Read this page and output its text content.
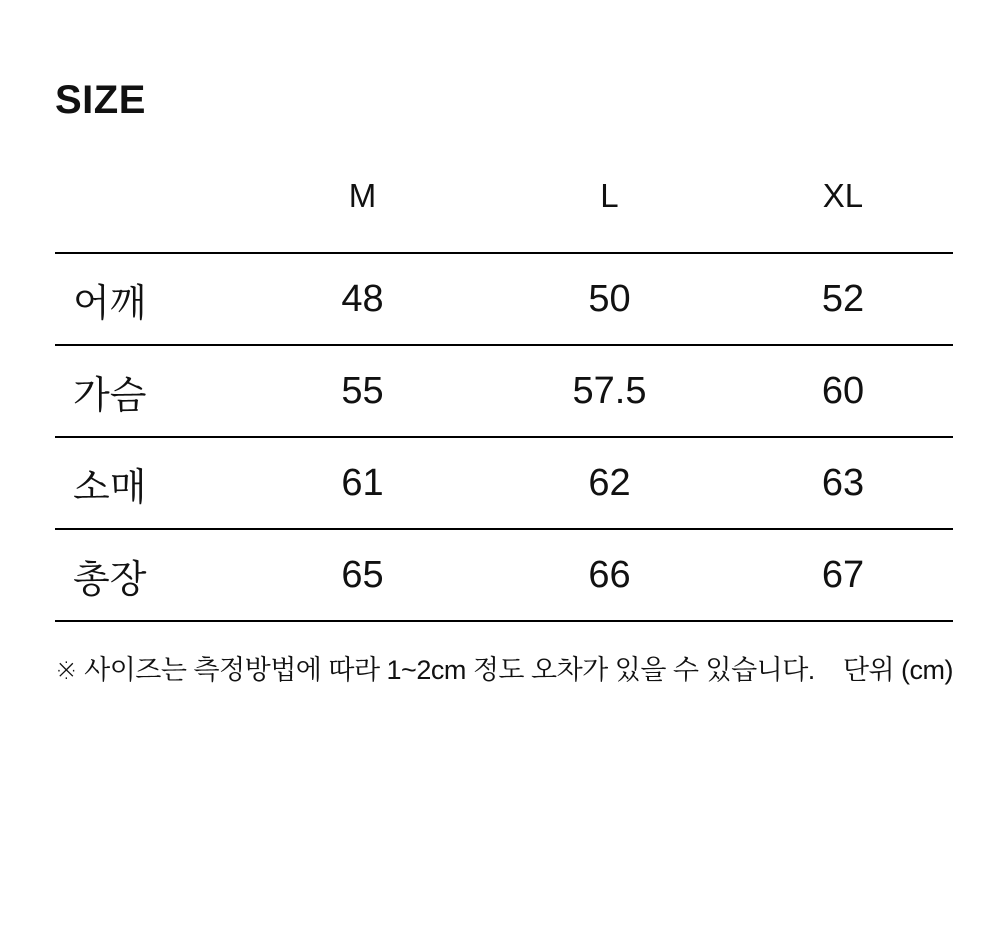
SIZE
	M	L	XL
어깨	48	50	52
가슴	55	57.5	60
소매	61	62	63
총장	65	66	67
※ 사이즈는 측정방법에 따라 1~2cm 정도 오차가 있을 수 있습니다. 단위 (cm)
